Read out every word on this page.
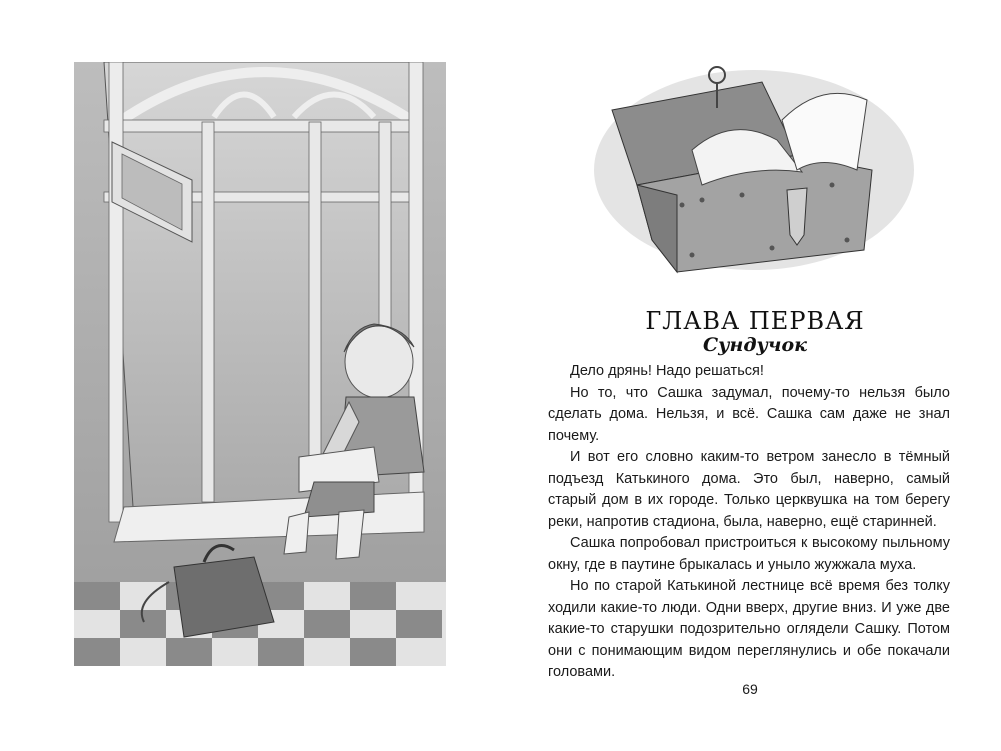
ГЛАВА ПЕРВАЯ
Сундучок

Дело дрянь! Надо решаться!

Но то, что Сашка задумал, почему-то нельзя было сделать дома. Нельзя, и всё. Сашка сам даже не знал почему.

И вот его словно каким-то ветром занесло в тёмный подъезд Катькиного дома. Это был, наверно, самый старый дом в их городе. Только церквушка на том берегу реки, напротив стадиона, была, наверно, ещё старинней.

Сашка попробовал пристроиться к высокому пыльному окну, где в паутине брыкалась и уныло жужжала муха.

Но по старой Катькиной лестнице всё время без толку ходили какие-то люди. Одни вверх, другие вниз. И уже две какие-то старушки подозрительно оглядели Сашку. Потом они с понимающим видом переглянулись и обе покачали головами.

69
